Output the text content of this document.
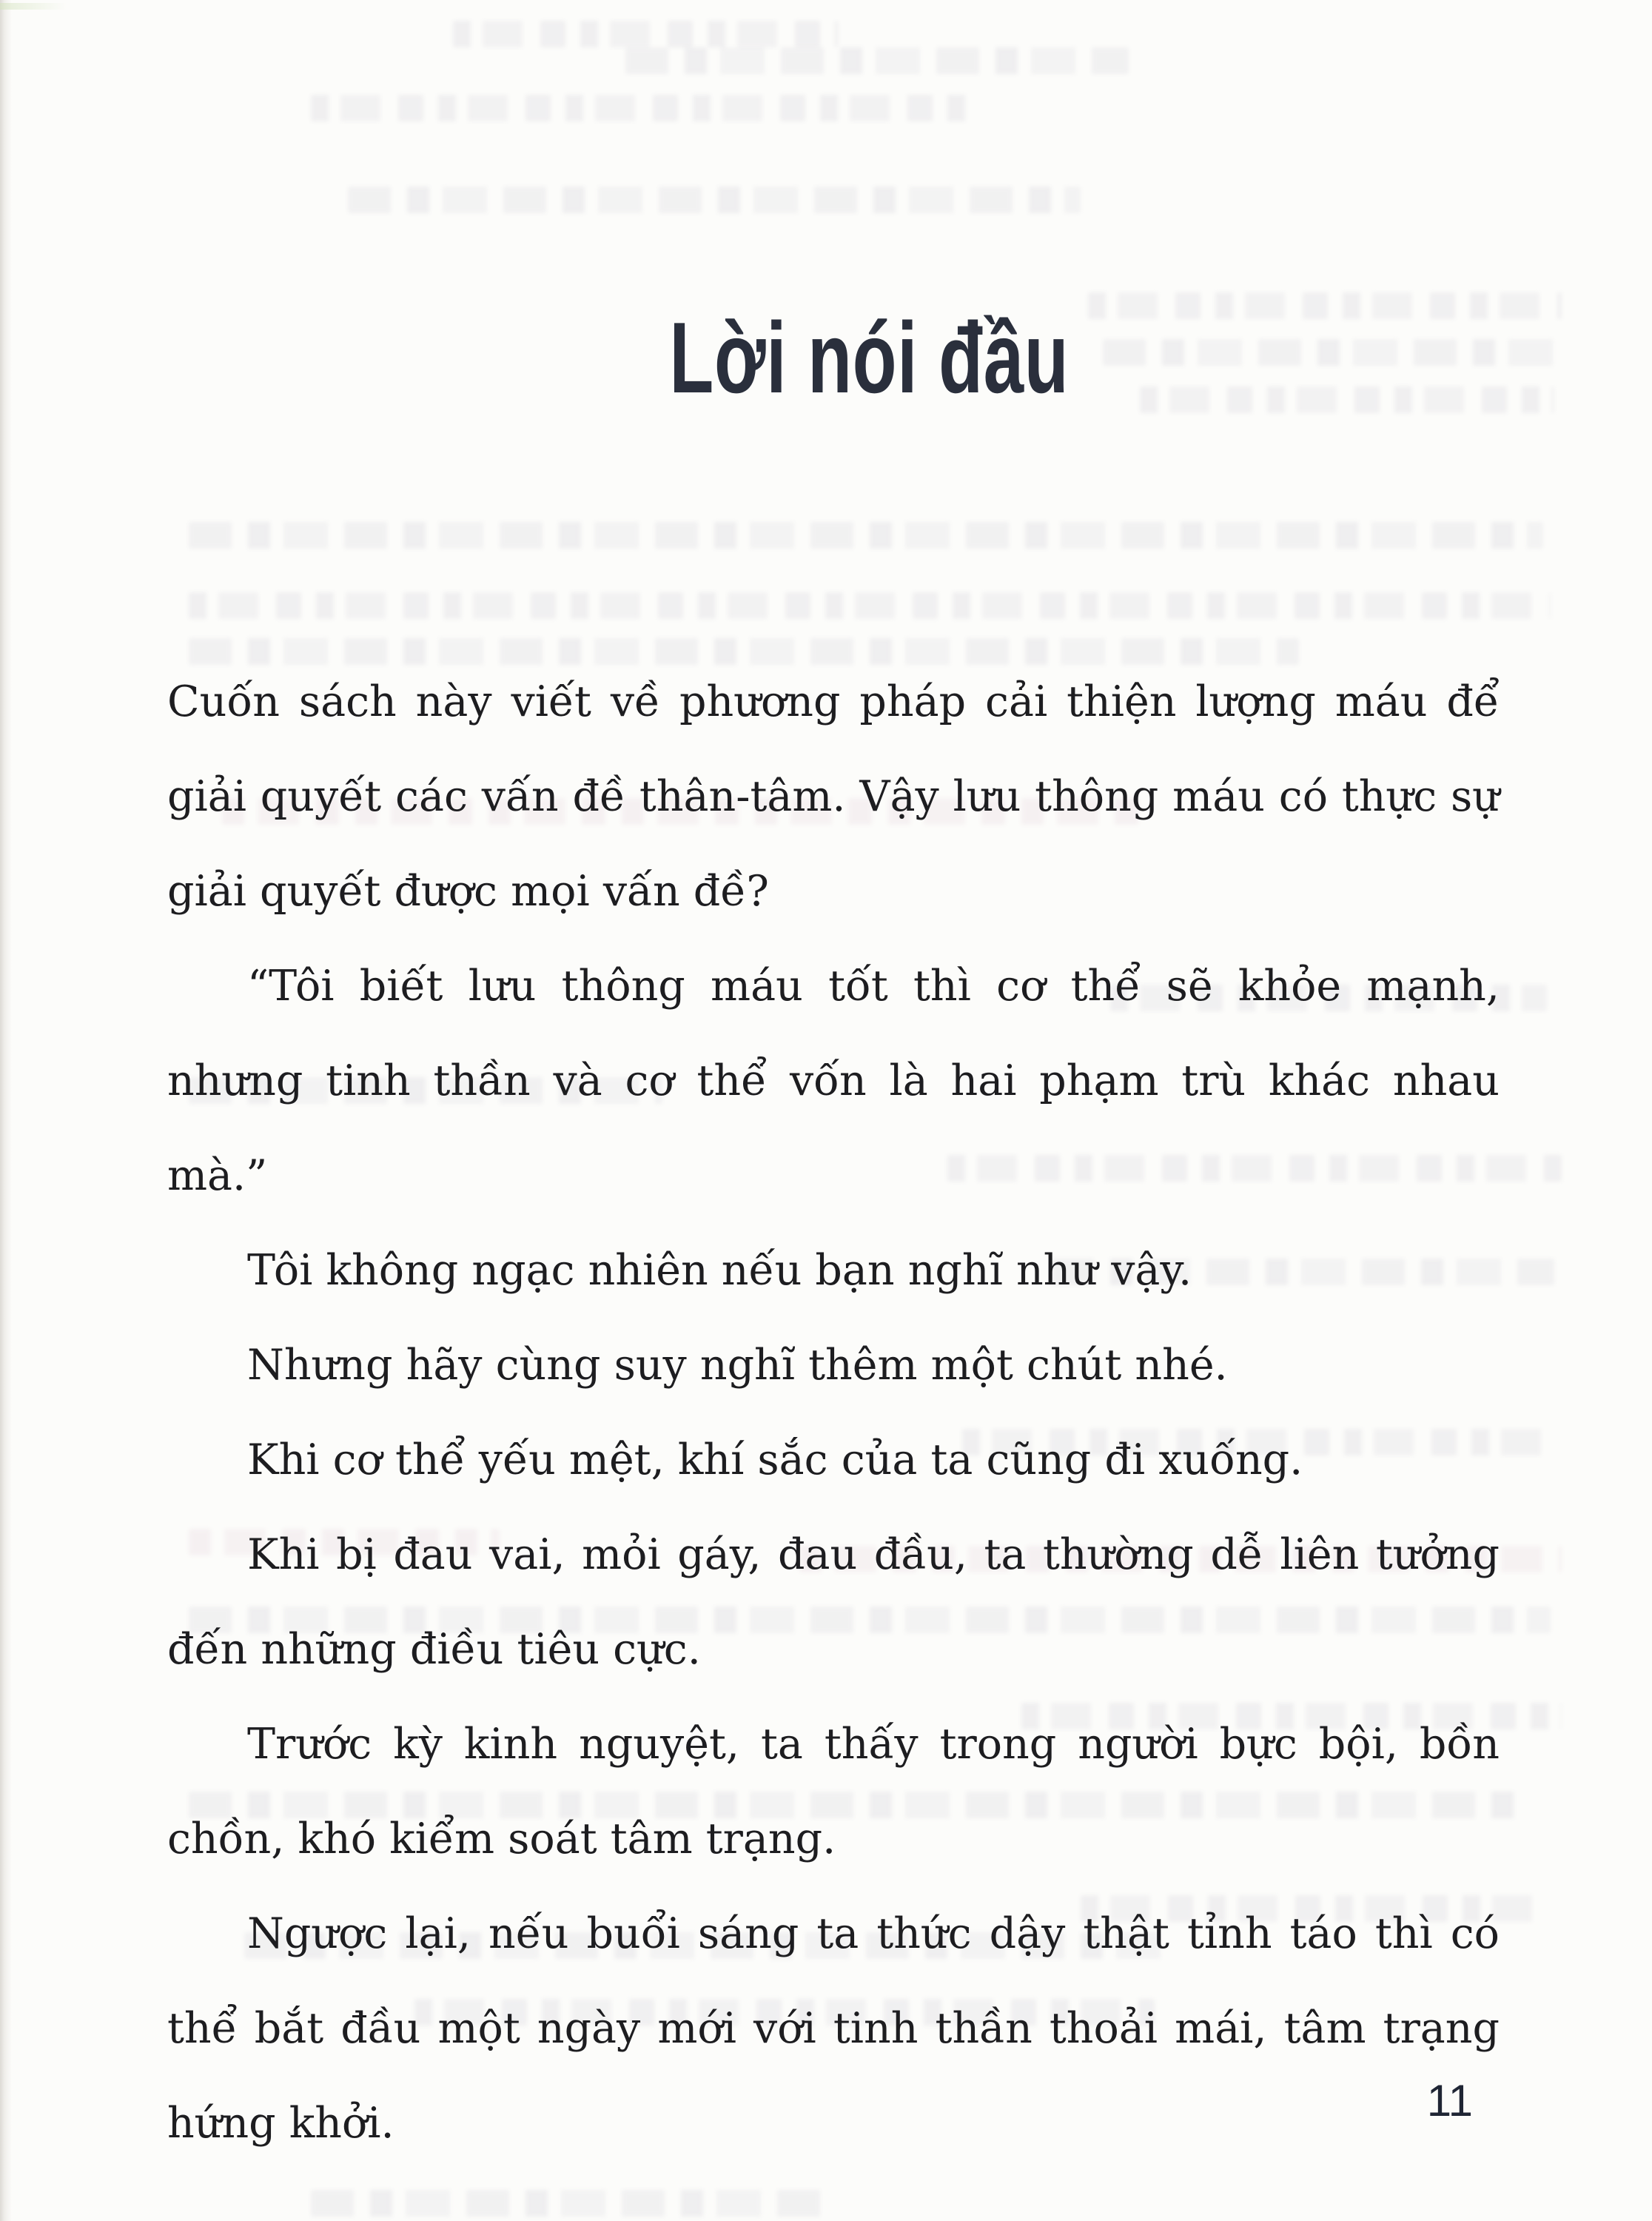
Lời nói đầu

Cuốn sách này viết về phương pháp cải thiện lượng máu để giải quyết các vấn đề thân-tâm. Vậy lưu thông máu có thực sự giải quyết được mọi vấn đề?

“Tôi biết lưu thông máu tốt thì cơ thể sẽ khỏe mạnh, nhưng tinh thần và cơ thể vốn là hai phạm trù khác nhau mà.”

Tôi không ngạc nhiên nếu bạn nghĩ như vậy.

Nhưng hãy cùng suy nghĩ thêm một chút nhé.

Khi cơ thể yếu mệt, khí sắc của ta cũng đi xuống.

Khi bị đau vai, mỏi gáy, đau đầu, ta thường dễ liên tưởng đến những điều tiêu cực.

Trước kỳ kinh nguyệt, ta thấy trong người bực bội, bồn chồn, khó kiểm soát tâm trạng.

Ngược lại, nếu buổi sáng ta thức dậy thật tỉnh táo thì có thể bắt đầu một ngày mới với tinh thần thoải mái, tâm trạng hứng khởi.	11
